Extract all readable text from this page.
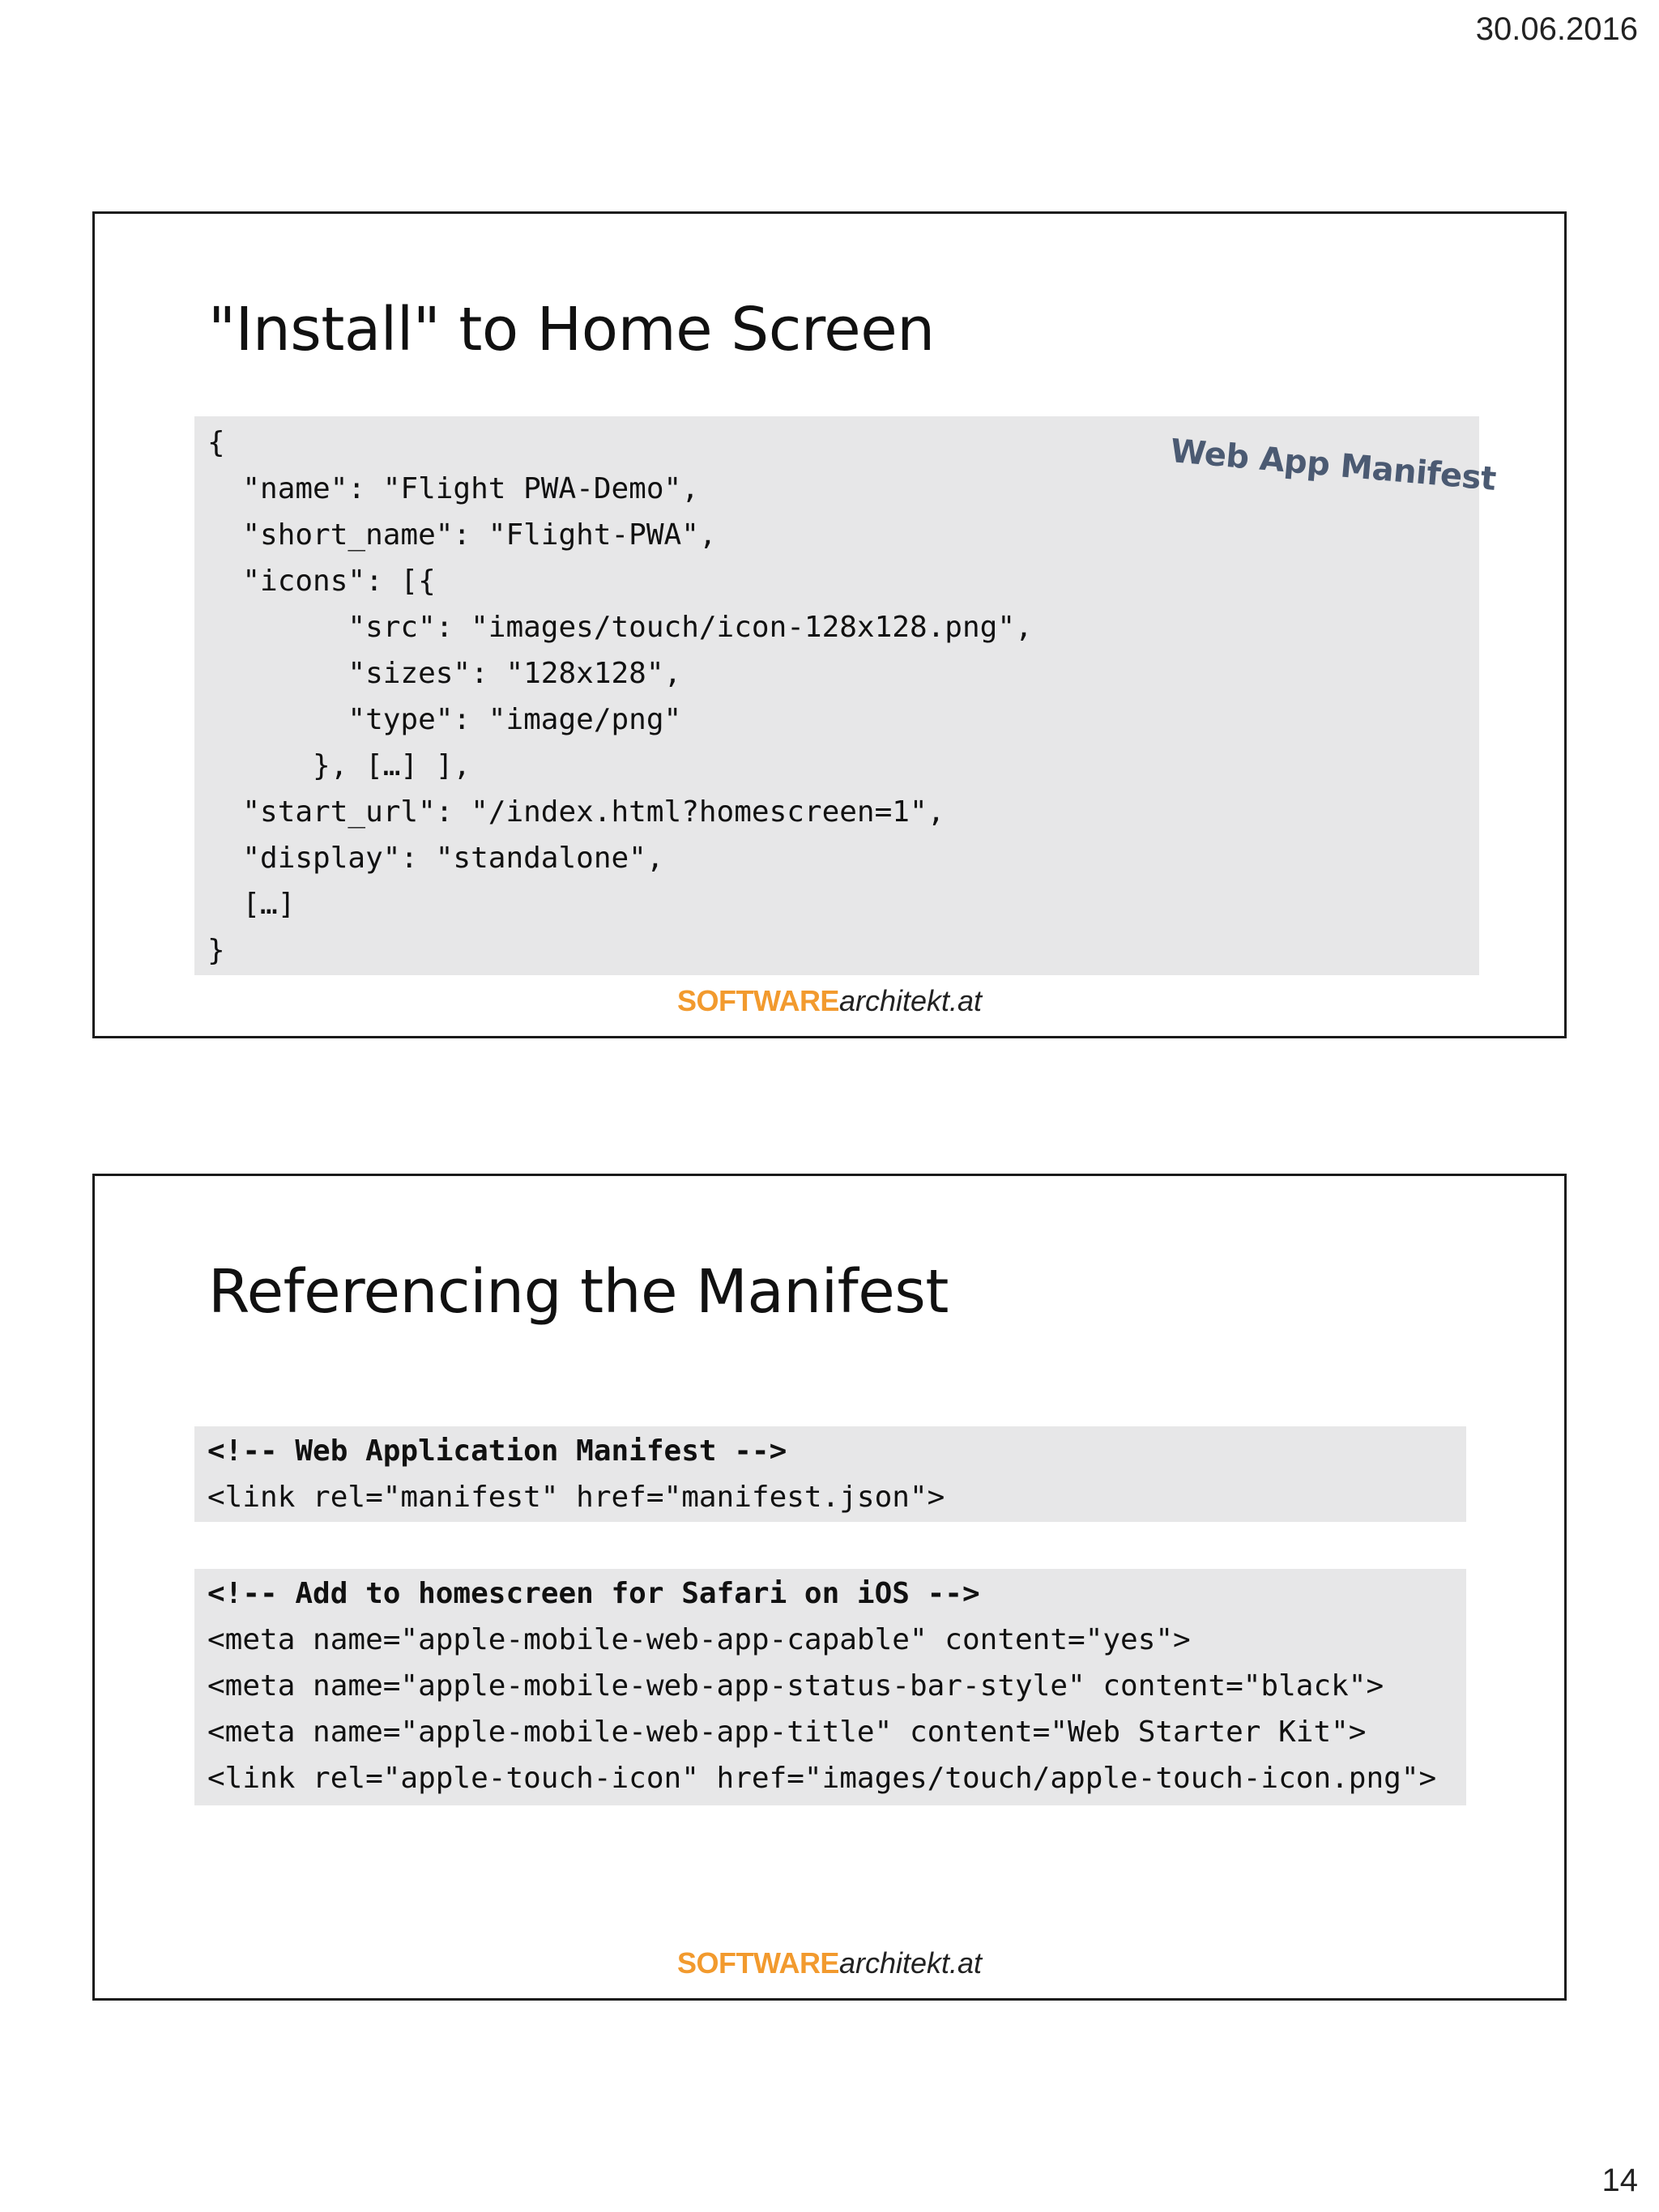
30.06.2016
"Install" to Home Screen
{
"name": "Flight PWA-Demo",
"short_name": "Flight-PWA",
"icons": [{
"src": "images/touch/icon-128x128.png",
"sizes": "128x128",
"type": "image/png"
}, […] ],
"start_url": "/index.html?homescreen=1",
"display": "standalone",
[…]
}
Web App Manifest
SOFTWAREarchitekt.at
Referencing the Manifest
<!-- Web Application Manifest -->
<link rel="manifest" href="manifest.json">
<!-- Add to homescreen for Safari on iOS -->
<meta name="apple-mobile-web-app-capable" content="yes">
<meta name="apple-mobile-web-app-status-bar-style" content="black">
<meta name="apple-mobile-web-app-title" content="Web Starter Kit">
<link rel="apple-touch-icon" href="images/touch/apple-touch-icon.png">
SOFTWAREarchitekt.at
14
